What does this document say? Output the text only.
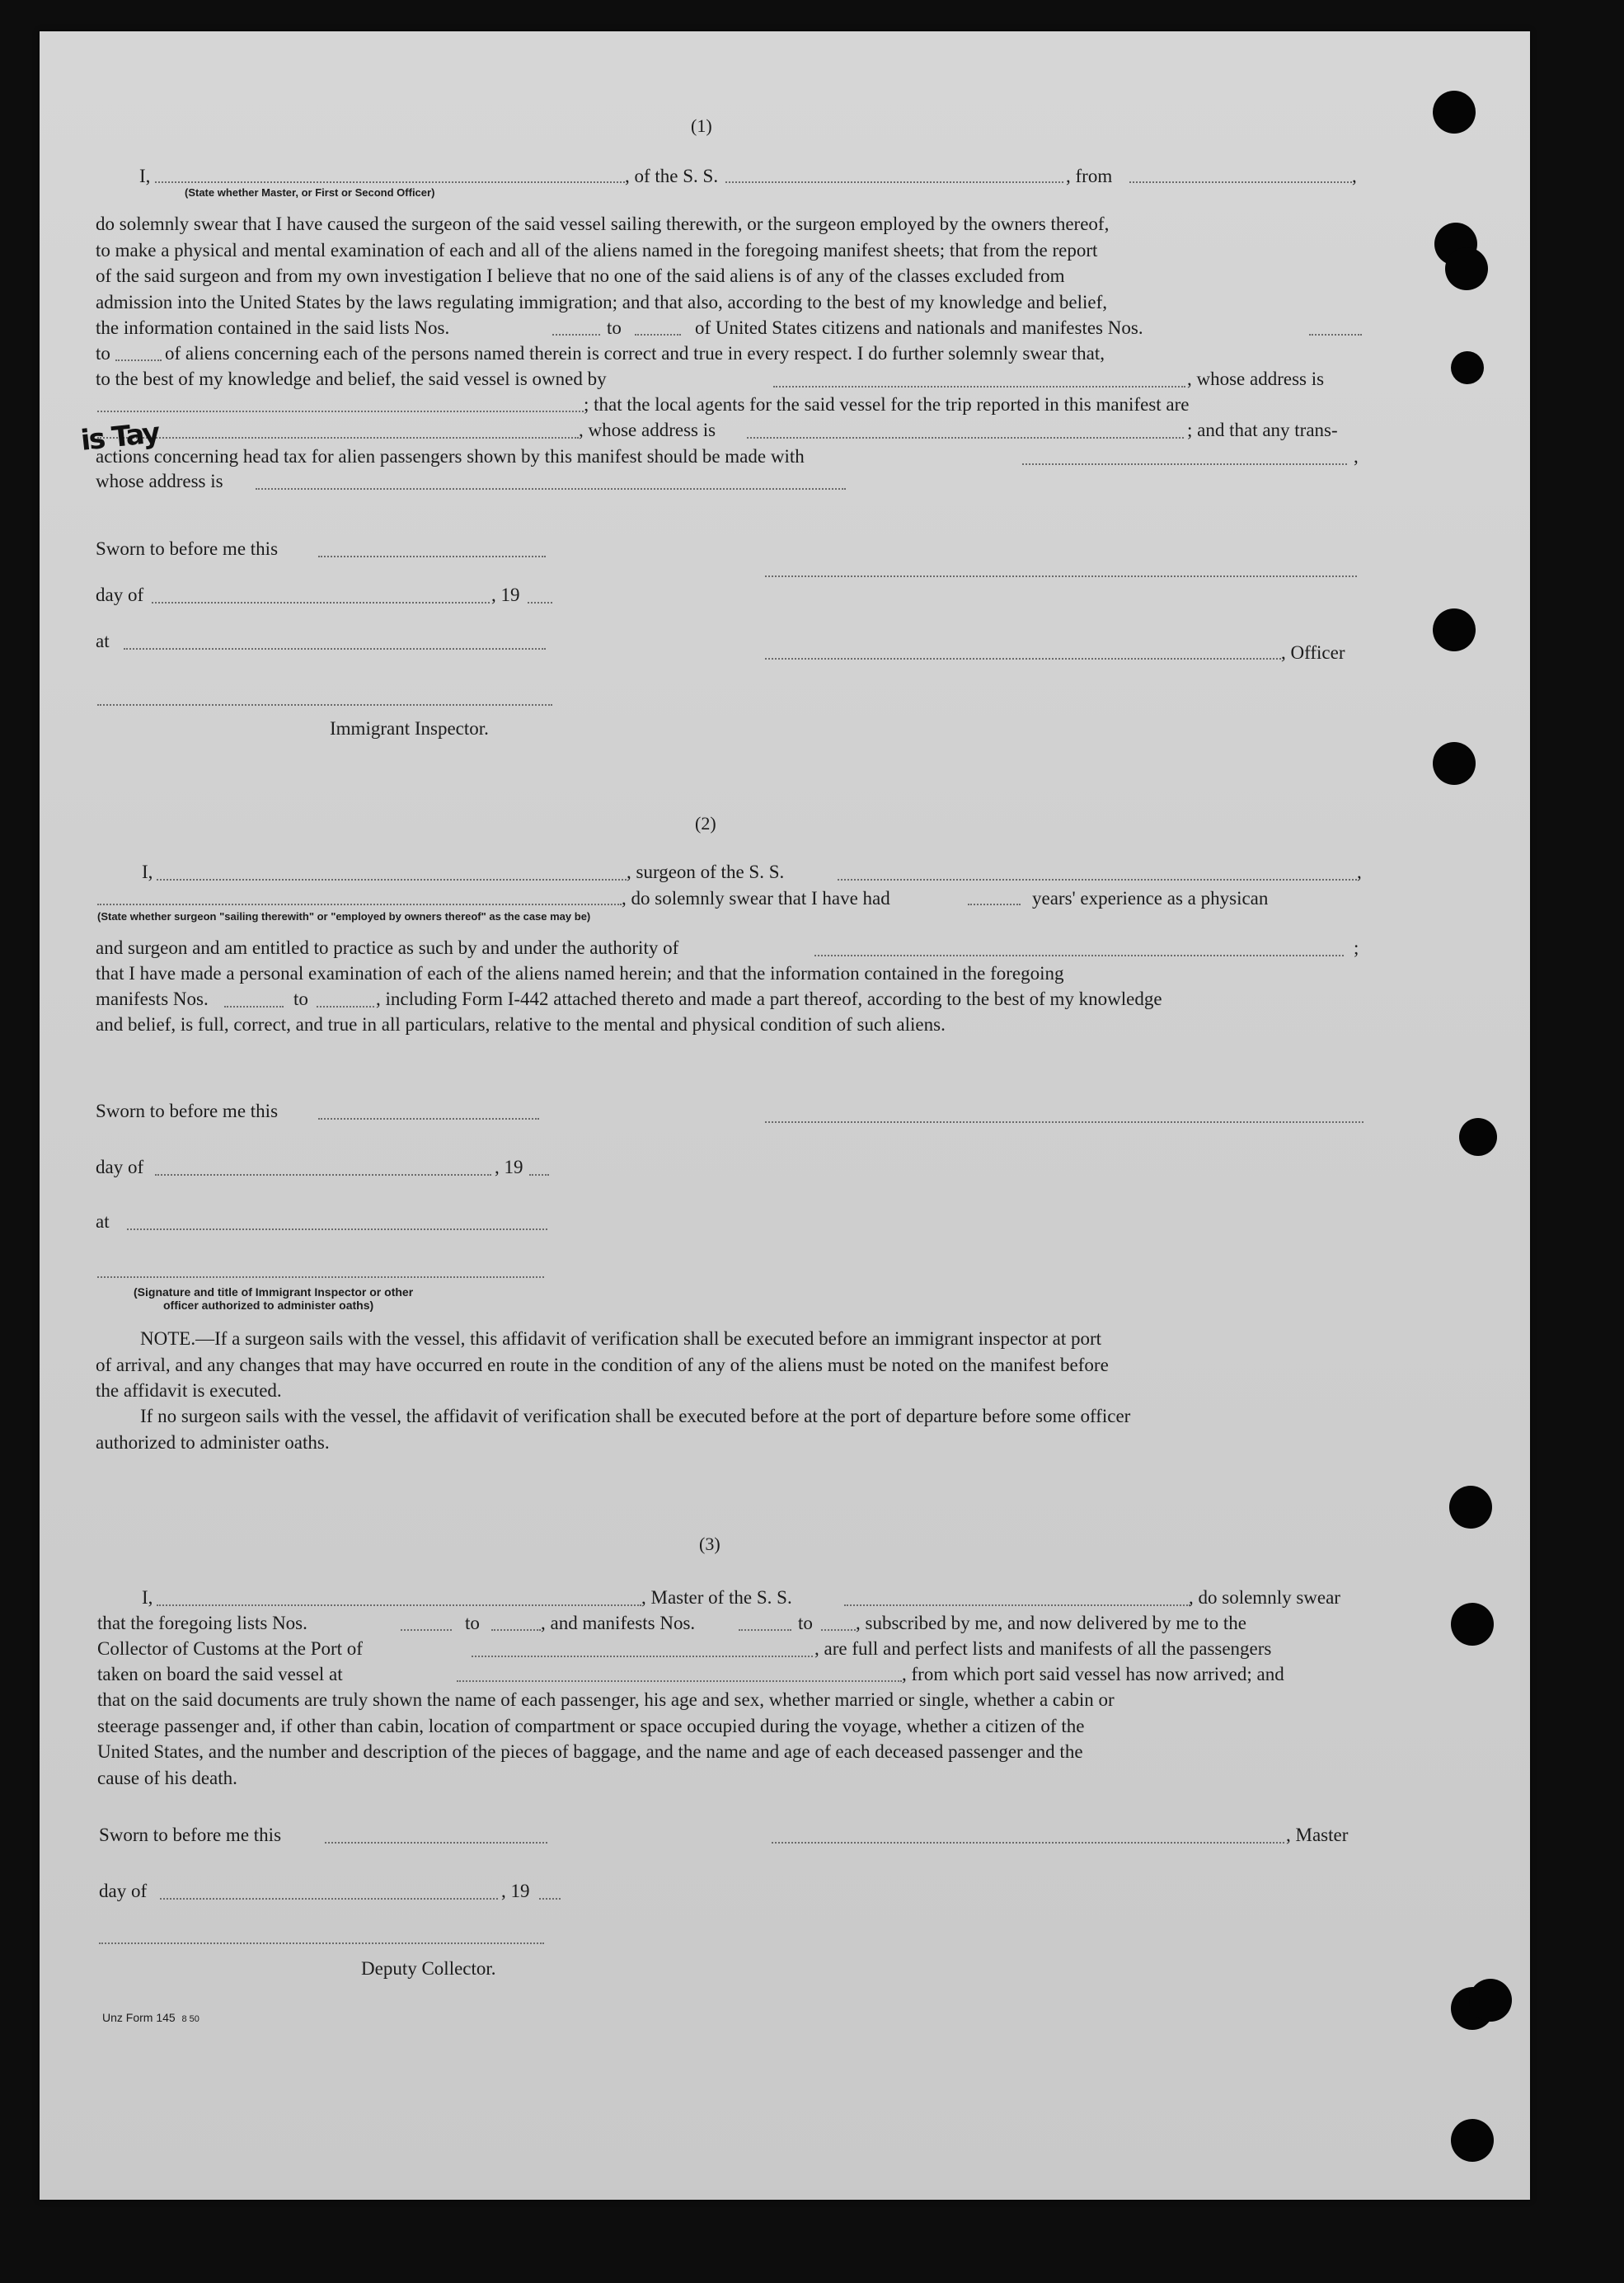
(1)
I,
(State whether Master, or First or Second Officer)
, of the S. S.	, from	,
do solemnly swear that I have caused the surgeon of the said vessel sailing therewith, or the surgeon employed by the owners thereof,
to make a physical and mental examination of each and all of the aliens named in the foregoing manifest sheets; that from the report
of the said surgeon and from my own investigation I believe that no one of the said aliens is of any of the classes excluded from
admission into the United States by the laws regulating immigration; and that also, according to the best of my knowledge and belief,
the information contained in the said lists Nos.	to	of United States citizens and nationals and manifestes Nos.
to	of aliens concerning each of the persons named therein is correct and true in every respect. I do further solemnly swear that,
to the best of my knowledge and belief, the said vessel is owned by	, whose address is
; that the local agents for the said vessel for the trip reported in this manifest are
, whose address is	; and that any trans-
actions concerning head tax for alien passengers shown by this manifest should be made with	,
whose address is
is Tay
Sworn to before me this
day of	, 19
at
, Officer
Immigrant Inspector.
(2)
I,	, surgeon of the S. S.	,
, do solemnly swear that I have had	years' experience as a physican
(State whether surgeon "sailing therewith" or "employed by owners thereof" as the case may be)
and surgeon and am entitled to practice as such by and under the authority of	;
that I have made a personal examination of each of the aliens named herein; and that the information contained in the foregoing
manifests Nos.	to	, including Form I-442 attached thereto and made a part thereof, according to the best of my knowledge
and belief, is full, correct, and true in all particulars, relative to the mental and physical condition of such aliens.
Sworn to before me this
day of	, 19
at
(Signature and title of Immigrant Inspector or other
officer authorized to administer oaths)
NOTE.—If a surgeon sails with the vessel, this affidavit of verification shall be executed before an immigrant inspector at port
of arrival, and any changes that may have occurred en route in the condition of any of the aliens must be noted on the manifest before
the affidavit is executed.
If no surgeon sails with the vessel, the affidavit of verification shall be executed before at the port of departure before some officer
authorized to administer oaths.
(3)
I,	, Master of the S. S.	, do solemnly swear
that the foregoing lists Nos.	to	, and manifests Nos.	to , subscribed by me, and now delivered by me to the
Collector of Customs at the Port of	, are full and perfect lists and manifests of all the passengers
taken on board the said vessel at	, from which port said vessel has now arrived; and
that on the said documents are truly shown the name of each passenger, his age and sex, whether married or single, whether a cabin or
steerage passenger and, if other than cabin, location of compartment or space occupied during the voyage, whether a citizen of the
United States, and the number and description of the pieces of baggage, and the name and age of each deceased passenger and the
cause of his death.
Sworn to before me this	, Master
day of	, 19
Deputy Collector.
Unz Form 145 8 50
